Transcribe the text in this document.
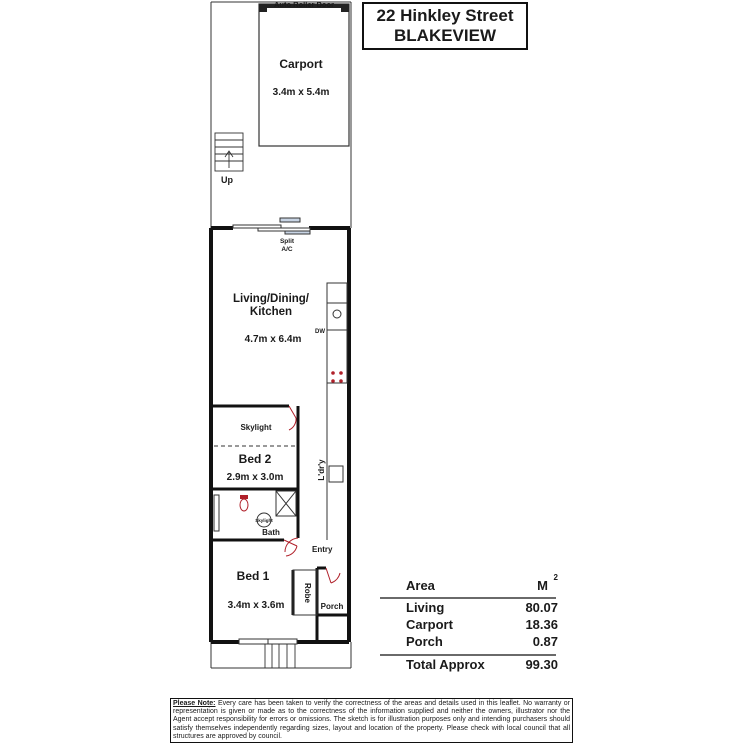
Auto Roller Door
Carport
3.4m x 5.4m
Up
Split
A/C
DW
L'dr'y
Skylight
Bath
Living/Dining/
Kitchen
4.7m x 6.4m
Skylight
Bed 2
2.9m x 3.0m
Entry
Bed 1
3.4m x 3.6m
Robe
Porch
22 Hinkley Street
BLAKEVIEW
Area	M
2
Living	80.07
Carport	18.36
Porch	0.87
Total Approx	99.30
Please Note: Every care has been taken to verify the correctness of the areas and details used in this leaflet. No warranty or representation is given or made as to the correctness of the information supplied and neither the owners, illustrator nor the Agent accept responsibility for errors or omissions. The sketch is for illustration purposes only and intending purchasers should satisfy themselves independently regarding sizes, layout and location of the property. Please check with local council that all structures are approved by council.
